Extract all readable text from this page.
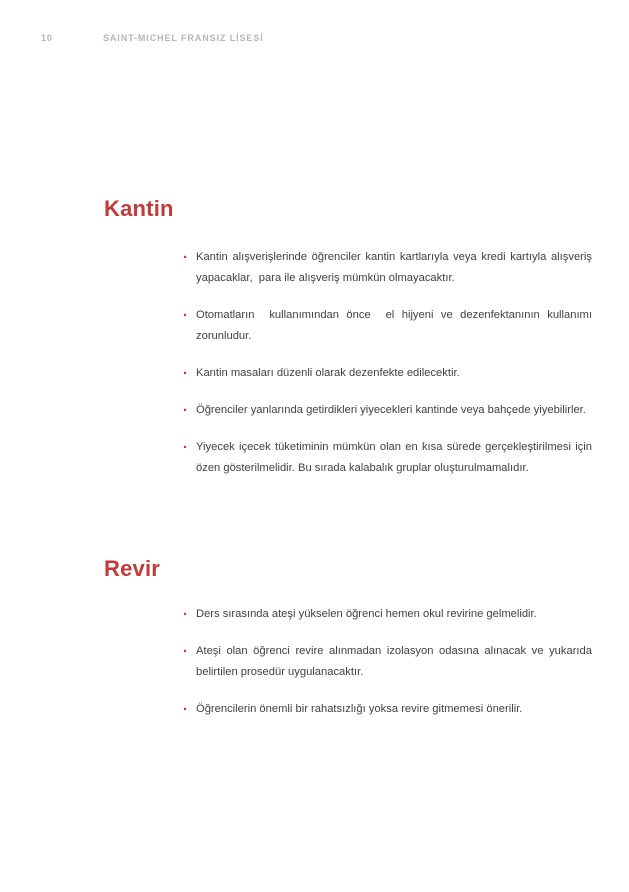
10	SAINT-MICHEL FRANSIZ LİSESİ
Kantin
· Kantin alışverişlerinde öğrenciler kantin kartlarıyla veya kredi kartıyla alışveriş yapacaklar,  para ile alışveriş mümkün olmayacaktır.
· Otomatların  kullanımından önce  el hijyeni ve dezenfektanının kullanımı zorunludur.
· Kantin masaları düzenli olarak dezenfekte edilecektir.
· Öğrenciler yanlarında getirdikleri yiyecekleri kantinde veya bahçede yiyebilirler.
· Yiyecek içecek tüketiminin mümkün olan en kısa sürede gerçekleştirilmesi için özen gösterilmelidir. Bu sırada kalabalık gruplar oluşturulmamalıdır.
Revir
· Ders sırasında ateşi yükselen öğrenci hemen okul revirine gelmelidir.
· Ateşi olan öğrenci revire alınmadan izolasyon odasına alınacak ve yukarıda belirtilen prosedür uygulanacaktır.
· Öğrencilerin önemli bir rahatsızlığı yoksa revire gitmemesi önerilir.
